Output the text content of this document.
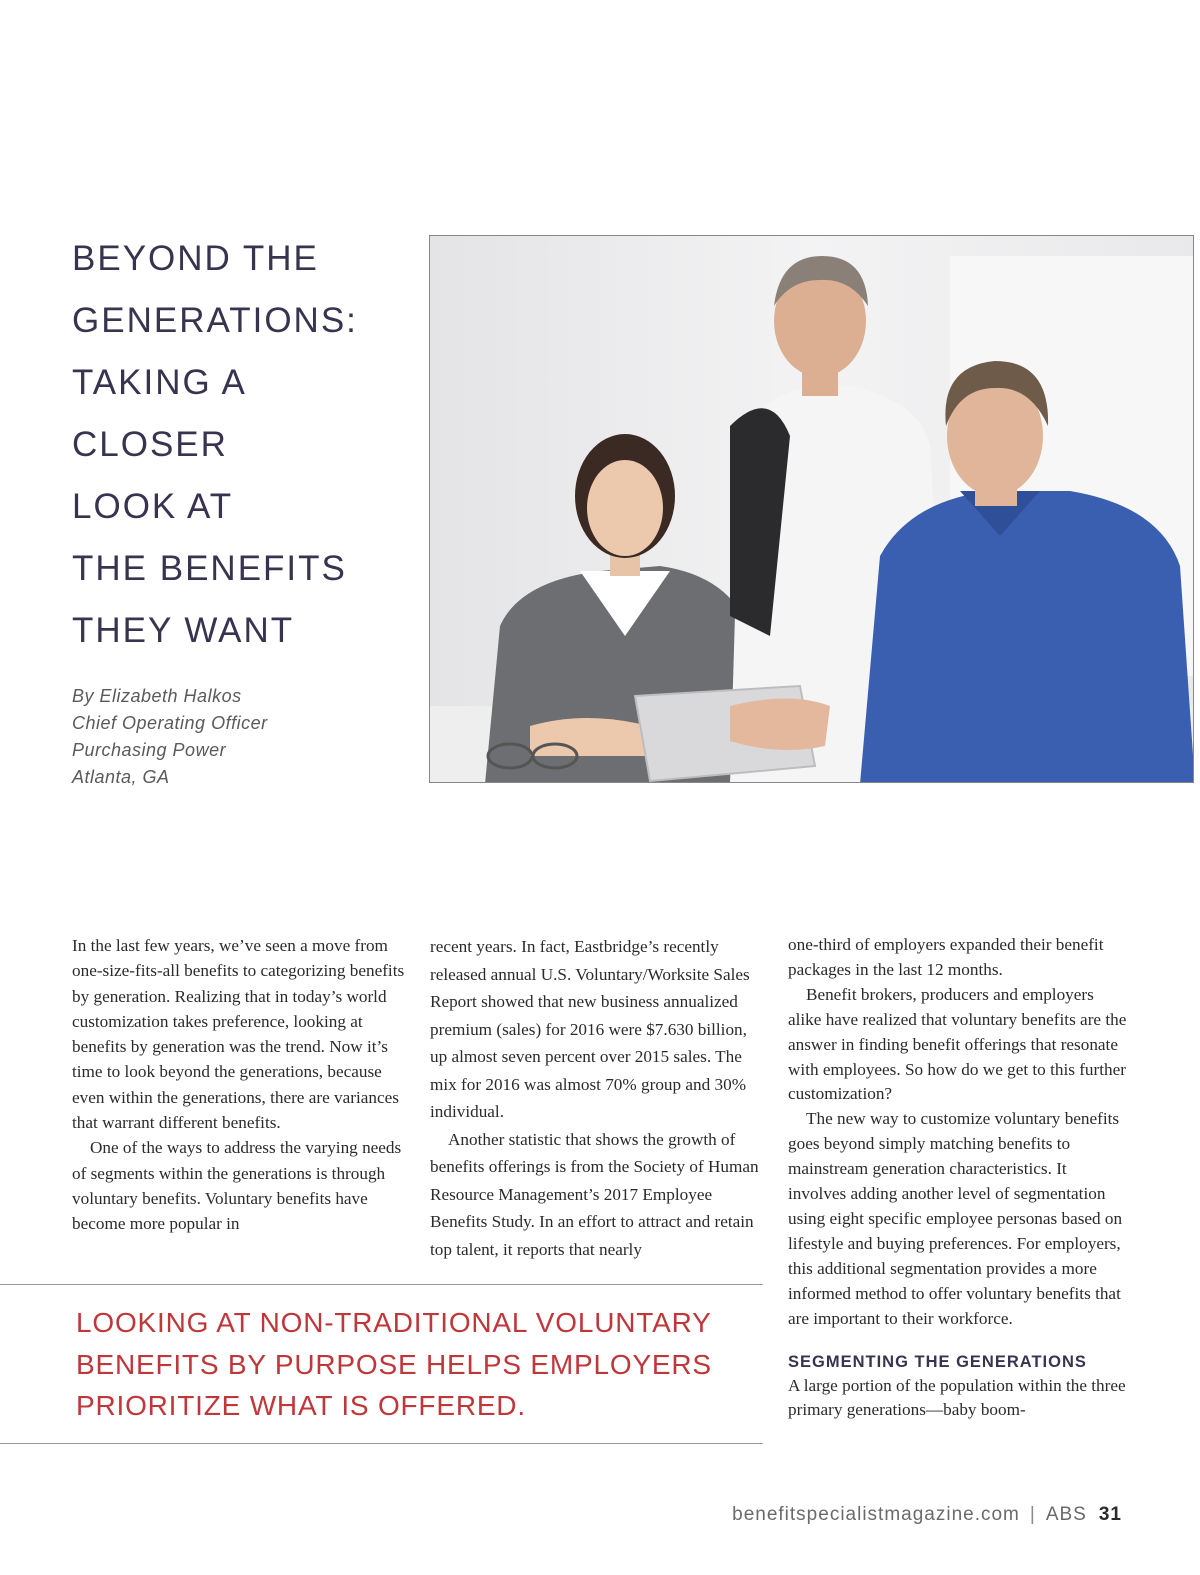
BEYOND THE
GENERATIONS:
TAKING A
CLOSER
LOOK AT
THE BENEFITS
THEY WANT
By Elizabeth Halkos
Chief Operating Officer
Purchasing Power
Atlanta, GA

In the last few years, we’ve seen a move from one-size-fits-all benefits to categorizing benefits by generation. Realizing that in today’s world customization takes preference, looking at benefits by generation was the trend. Now it’s time to look beyond the generations, because even within the generations, there are variances that warrant different benefits.

One of the ways to address the varying needs of segments within the generations is through voluntary benefits. Voluntary benefits have become more popular in

recent years. In fact, Eastbridge’s recently released annual U.S. Voluntary/Worksite Sales Report showed that new business annualized premium (sales) for 2016 were $7.630 billion, up almost seven percent over 2015 sales. The mix for 2016 was almost 70% group and 30% individual.

Another statistic that shows the growth of benefits offerings is from the Society of Human Resource Management’s 2017 Employee Benefits Study. In an effort to attract and retain top talent, it reports that nearly

one-third of employers expanded their benefit packages in the last 12 months.

Benefit brokers, producers and employers alike have realized that voluntary benefits are the answer in finding benefit offerings that resonate with employees. So how do we get to this further customization?

The new way to customize voluntary benefits goes beyond simply matching benefits to mainstream generation characteristics. It involves adding another level of segmentation using eight specific employee personas based on lifestyle and buying preferences. For employers, this additional segmentation provides a more informed method to offer voluntary benefits that are important to their workforce.

SEGMENTING THE GENERATIONS

A large portion of the population within the three primary generations—baby boom-

LOOKING AT NON-TRADITIONAL VOLUNTARY
BENEFITS BY PURPOSE HELPS EMPLOYERS
PRIORITIZE WHAT IS OFFERED.
benefitspecialistmagazine.com | ABS 31
